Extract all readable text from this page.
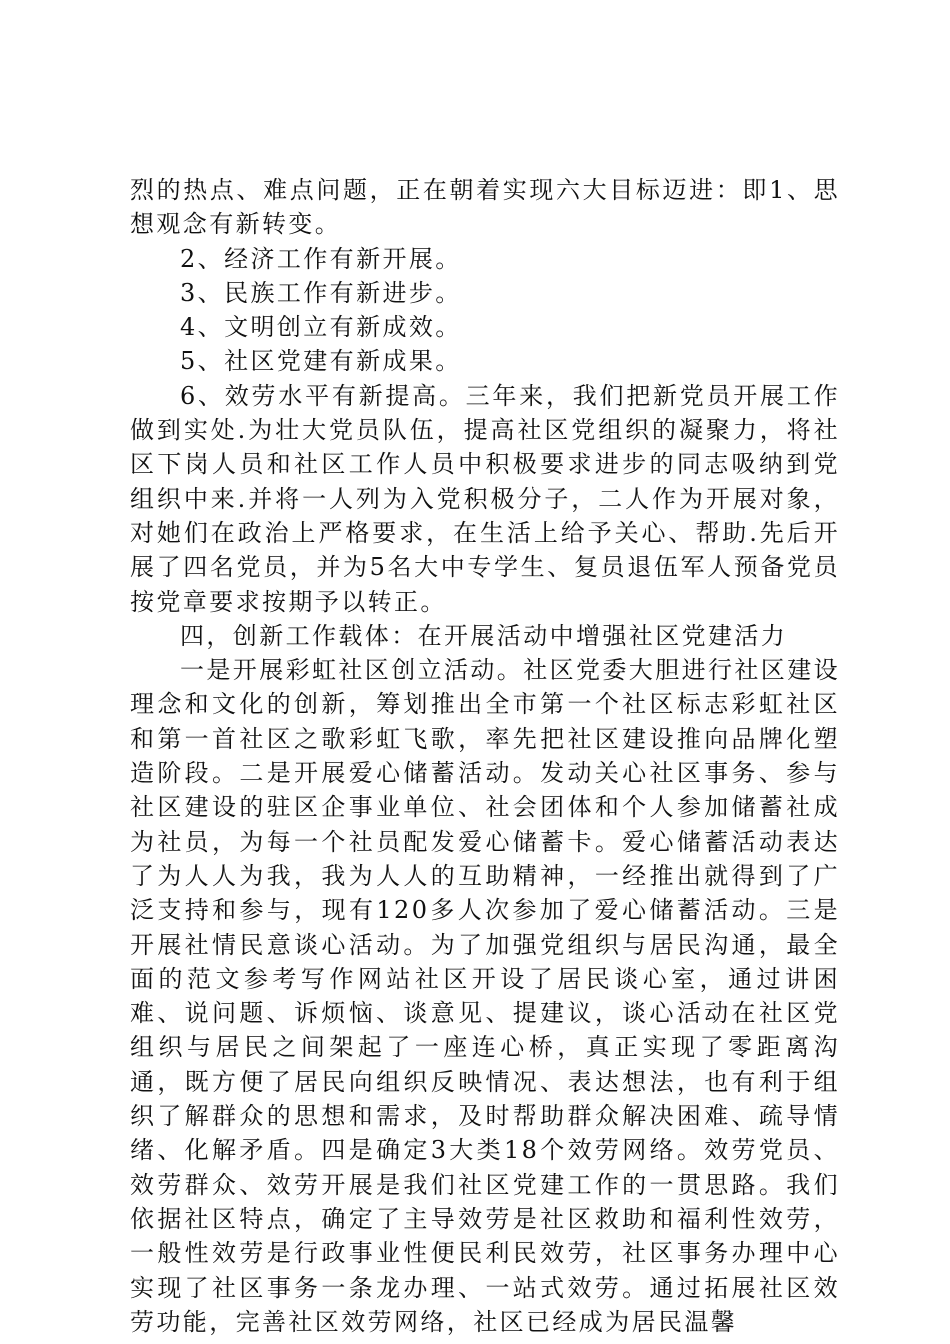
烈的热点、难点问题，正在朝着实现六大目标迈进：即1、思想观念有新转变。

2、经济工作有新开展。

3、民族工作有新进步。

4、文明创立有新成效。

5、社区党建有新成果。

6、效劳水平有新提高。三年来，我们把新党员开展工作做到实处.为壮大党员队伍，提高社区党组织的凝聚力，将社区下岗人员和社区工作人员中积极要求进步的同志吸纳到党组织中来.并将一人列为入党积极分子，二人作为开展对象，对她们在政治上严格要求，在生活上给予关心、帮助.先后开展了四名党员，并为5名大中专学生、复员退伍军人预备党员按党章要求按期予以转正。

四，创新工作载体：在开展活动中增强社区党建活力

一是开展彩虹社区创立活动。社区党委大胆进行社区建设理念和文化的创新，筹划推出全市第一个社区标志彩虹社区和第一首社区之歌彩虹飞歌，率先把社区建设推向品牌化塑造阶段。二是开展爱心储蓄活动。发动关心社区事务、参与社区建设的驻区企事业单位、社会团体和个人参加储蓄社成为社员，为每一个社员配发爱心储蓄卡。爱心储蓄活动表达了为人人为我，我为人人的互助精神，一经推出就得到了广泛支持和参与，现有120多人次参加了爱心储蓄活动。三是开展社情民意谈心活动。为了加强党组织与居民沟通，最全面的范文参考写作网站社区开设了居民谈心室，通过讲困难、说问题、诉烦恼、谈意见、提建议，谈心活动在社区党组织与居民之间架起了一座连心桥，真正实现了零距离沟通，既方便了居民向组织反映情况、表达想法，也有利于组织了解群众的思想和需求，及时帮助群众解决困难、疏导情绪、化解矛盾。四是确定3大类18个效劳网络。效劳党员、效劳群众、效劳开展是我们社区党建工作的一贯思路。我们依据社区特点，确定了主导效劳是社区救助和福利性效劳，一般性效劳是行政事业性便民利民效劳，社区事务办理中心实现了社区事务一条龙办理、一站式效劳。通过拓展社区效劳功能，完善社区效劳网络，社区已经成为居民温馨
